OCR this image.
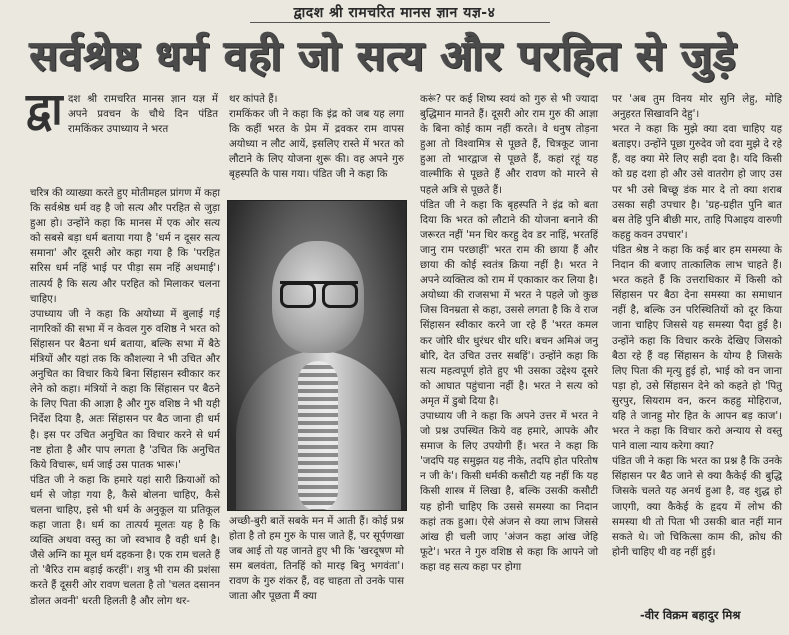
द्वादश श्री रामचरित मानस ज्ञान यज्ञ-४
सर्वश्रेष्ठ धर्म वही जो सत्य और परहित से जुड़े
द्वा दश श्री रामचरित मानस ज्ञान यज्ञ में अपने प्रवचन के चौथे दिन पंडित रामकिंकर उपाध्याय ने भरत

चरित्र की व्याख्या करते हुए मोतीमहल प्रांगण में कहा कि सर्वश्रेष्ठ धर्म वह है जो सत्य और परहित से जुड़ा हुआ हो। उन्होंने कहा कि मानस में एक ओर सत्य को सबसे बड़ा धर्म बताया गया है 'धर्म न दूसर सत्य समाना' और दूसरी ओर कहा गया है कि 'परहित सरिस धर्म नहिं भाई पर पीड़ा सम नहिं अधमाई'। तात्पर्य है कि सत्य और परहित को मिलाकर चलना चाहिए।

उपाध्याय जी ने कहा कि अयोध्या में बुलाई गई नागरिकों की सभा में न केवल गुरु वशिष्ठ ने भरत को सिंहासन पर बैठना धर्म बताया, बल्कि सभा में बैठे मंत्रियों और यहां तक कि कौशल्या ने भी उचित और अनुचित का विचार किये बिना सिंहासन स्वीकार कर लेने को कहा। मंत्रियों ने कहा कि सिंहासन पर बैठने के लिए पिता की आज्ञा है और गुरु वशिष्ठ ने भी यही निर्देश दिया है, अतः सिंहासन पर बैठ जाना ही धर्म है। इस पर उचित अनुचित का विचार करने से धर्म नष्ट होता है और पाप लगता है 'उचित कि अनुचित किये विचारू, धर्म जाई उस पातक भारू।'

पंडित जी ने कहा कि हमारे यहां सारी क्रियाओं को धर्म से जोड़ा गया है, कैसे बोलना चाहिए, कैसे चलना चाहिए, इसे भी धर्म के अनुकूल या प्रतिकूल कहा जाता है। धर्म का तात्पर्य मूलतः यह है कि व्यक्ति अथवा वस्तु का जो स्वभाव है वही धर्म है। जैसे अग्नि का मूल धर्म दहकना है। एक राम चलते हैं तो 'बैरिउ राम बड़ाई करहीं'। शत्रु भी राम की प्रशंसा करते हैं दूसरी ओर रावण चलता है तो 'चलत दसानन डोलत अवनी' धरती हिलती है और लोग थर-

थर कांपते हैं।

रामकिंकर जी ने कहा कि इंद्र को जब यह लगा कि कहीं भरत के प्रेम में द्रवकर राम वापस अयोध्या न लौट आयें, इसलिए रास्ते में भरत को लौटाने के लिए योजना शुरू की। वह अपने गुरु बृहस्पति के पास गया। पंडित जी ने कहा कि

अच्छी-बुरी बातें सबके मन में आती हैं। कोई प्रश्न होता है तो हम गुरु के पास जाते हैं, पर सूर्पणखा जब आई तो यह जानते हुए भी कि 'खरदूषण मो सम बलवंता, तिनहिं को मारइ बिनु भगवंता'। रावण के गुरु शंकर हैं, वह चाहता तो उनके पास जाता और पूछता मैं क्या

करूं? पर कई शिष्य स्वयं को गुरु से भी ज्यादा बुद्धिमान मानते हैं। दूसरी ओर राम गुरु की आज्ञा के बिना कोई काम नहीं करते। वे धनुष तोड़ना हुआ तो विश्वामित्र से पूछते हैं, चित्रकूट जाना हुआ तो भारद्वाज से पूछते हैं, कहां रहूं यह वाल्मीकि से पूछते हैं और रावण को मारने से पहले अत्रि से पूछते हैं।

पंडित जी ने कहा कि बृहस्पति ने इंद्र को बता दिया कि भरत को लौटाने की योजना बनाने की जरूरत नहीं 'मन थिर करहु देव डर नाहिं, भरतहिं जानु राम परछाहीं' भरत राम की छाया हैं और छाया की कोई स्वतंत्र क्रिया नहीं है। भरत ने अपने व्यक्तित्व को राम में एकाकार कर लिया है। अयोध्या की राजसभा में भरत ने पहले जो कुछ जिस विनम्रता से कहा, उससे लगता है कि वे राज सिंहासन स्वीकार करने जा रहे हैं 'भरत कमल कर जोरि धीर धुरंधर धीर धरि। बचन अमिअं जनु बोरि, देत उचित उत्तर सबहिं'। उन्होंने कहा कि सत्य महत्वपूर्ण होते हुए भी उसका उद्देश्य दूसरे को आघात पहुंचाना नहीं है। भरत ने सत्य को अमृत में डुबो दिया है।

उपाध्याय जी ने कहा कि अपने उत्तर में भरत ने जो प्रश्न उपस्थित किये वह हमारे, आपके और समाज के लिए उपयोगी हैं। भरत ने कहा कि 'जदपि यह समुझत यह नीके, तदपि होत परितोष न जी के'। किसी धर्मकी कसौटी यह नहीं कि यह किसी शास्त्र में लिखा है, बल्कि उसकी कसौटी यह होनी चाहिए कि उससे समस्या का निदान कहां तक हुआ। ऐसे अंजन से क्या लाभ जिससे आंख ही चली जाए 'अंजन कहा आंख जेहि फूटे'। भरत ने गुरु वशिष्ठ से कहा कि आपने जो कहा वह सत्य कहा पर होगा

पर 'अब तुम विनय मोर सुनि लेहु, मोहि अनुहरत सिखावनि देहु'।

भरत ने कहा कि मुझे क्या दवा चाहिए यह बताइए। उन्होंने पूछा गुरुदेव जो दवा मुझे दे रहे हैं, वह क्या मेरे लिए सही दवा है। यदि किसी को ग्रह दशा हो और उसे वातरोग हो जाए उस पर भी उसे बिच्छू डंक मार दे तो क्या शराब उसका सही उपचार है। 'ग्रह-ग्रहीत पुनि बात बस तेहि पुनि बीछी मार, ताहि पिआइय वारुणी कहहु कवन उपचार'।

पंडित श्रेष्ठ ने कहा कि कई बार हम समस्या के निदान की बजाए तात्कालिक लाभ चाहते हैं। भरत कहते हैं कि उत्तराधिकार में किसी को सिंहासन पर बैठा देना समस्या का समाधान नहीं है, बल्कि उन परिस्थितियों को दूर किया जाना चाहिए जिससे यह समस्या पैदा हुई है। उन्होंने कहा कि विचार करके देखिए जिसको बैठा रहे हैं वह सिंहासन के योग्य है जिसके लिए पिता की मृत्यु हुई हो, भाई को वन जाना पड़ा हो, उसे सिंहासन देने को कहते हो 'पितु सुरपुर, सियराम वन, करन कहहु मोहिराज, यहि ते जानहु मोर हित के आपन बड़ काज'। भरत ने कहा कि विचार करो अन्याय से वस्तु पाने वाला न्याय करेगा क्या?

पंडित जी ने कहा कि भरत का प्रश्न है कि उनके सिंहासन पर बैठ जाने से क्या कैकेई की बुद्धि जिसके चलते यह अनर्थ हुआ है, वह शुद्ध हो जाएगी, क्या कैकेई के हृदय में लोभ की समस्या थी तो पिता भी उसकी बात नहीं मान सकते थे। जो चिकित्सा काम की, क्रोध की होनी चाहिए थी वह नहीं हुई।

-वीर विक्रम बहादुर मिश्र
